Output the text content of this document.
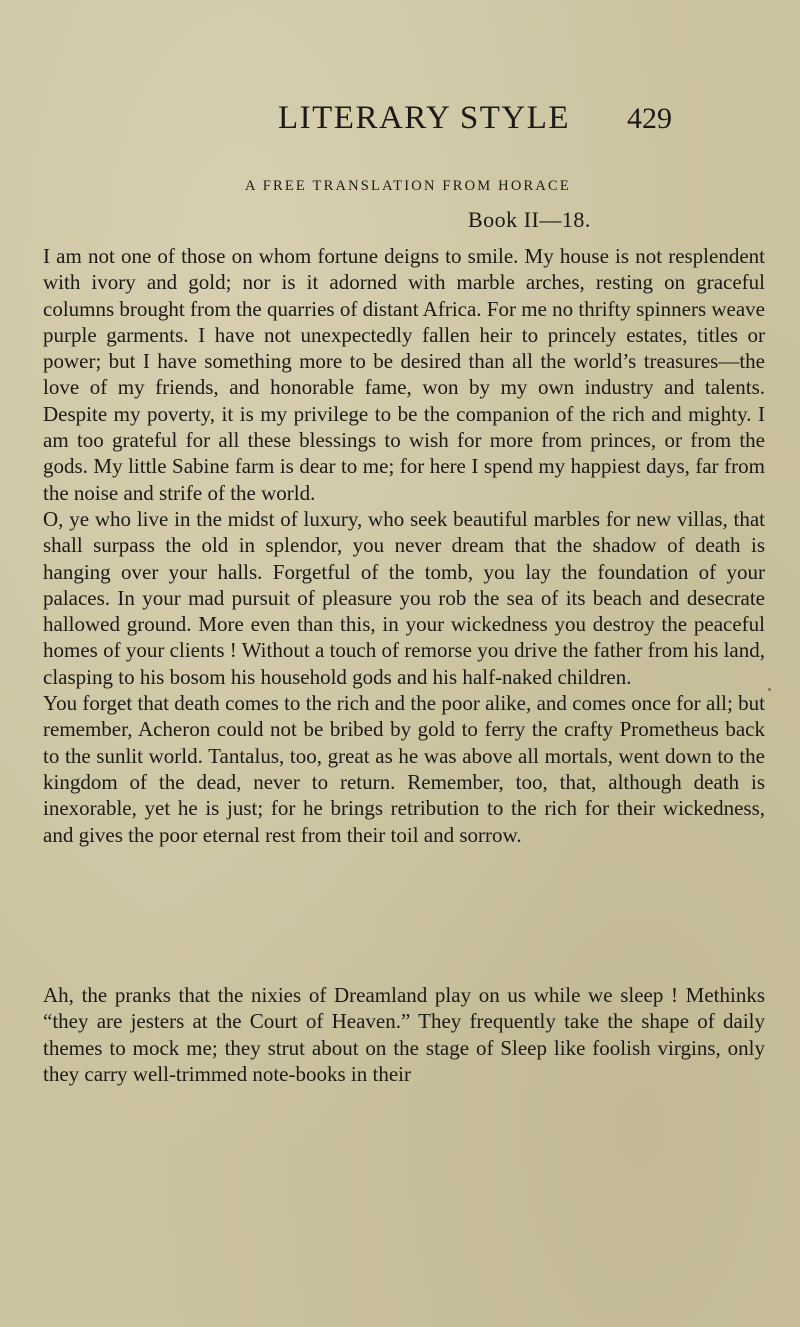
LITERARY STYLE 429
A FREE TRANSLATION FROM HORACE
Book II—18.

I am not one of those on whom fortune deigns to smile. My house is not resplendent with ivory and gold; nor is it adorned with marble arches, resting on graceful columns brought from the quarries of distant Africa. For me no thrifty spinners weave purple garments. I have not unexpectedly fallen heir to princely estates, titles or power; but I have something more to be desired than all the world’s treasures—the love of my friends, and honorable fame, won by my own industry and talents. Despite my poverty, it is my privilege to be the companion of the rich and mighty. I am too grateful for all these blessings to wish for more from princes, or from the gods. My little Sabine farm is dear to me; for here I spend my happiest days, far from the noise and strife of the world.

O, ye who live in the midst of luxury, who seek beautiful marbles for new villas, that shall surpass the old in splendor, you never dream that the shadow of death is hanging over your halls. Forgetful of the tomb, you lay the foundation of your palaces. In your mad pursuit of pleasure you rob the sea of its beach and desecrate hallowed ground. More even than this, in your wickedness you destroy the peaceful homes of your clients ! Without a touch of remorse you drive the father from his land, clasping to his bosom his household gods and his half-naked children.

You forget that death comes to the rich and the poor alike, and comes once for all; but remember, Acheron could not be bribed by gold to ferry the crafty Prometheus back to the sunlit world. Tantalus, too, great as he was above all mortals, went down to the kingdom of the dead, never to return. Remember, too, that, although death is inexorable, yet he is just; for he brings retribution to the rich for their wickedness, and gives the poor eternal rest from their toil and sorrow.

Ah, the pranks that the nixies of Dreamland play on us while we sleep ! Methinks “they are jesters at the Court of Heaven.” They frequently take the shape of daily themes to mock me; they strut about on the stage of Sleep like foolish virgins, only they carry well-trimmed note-books in their
